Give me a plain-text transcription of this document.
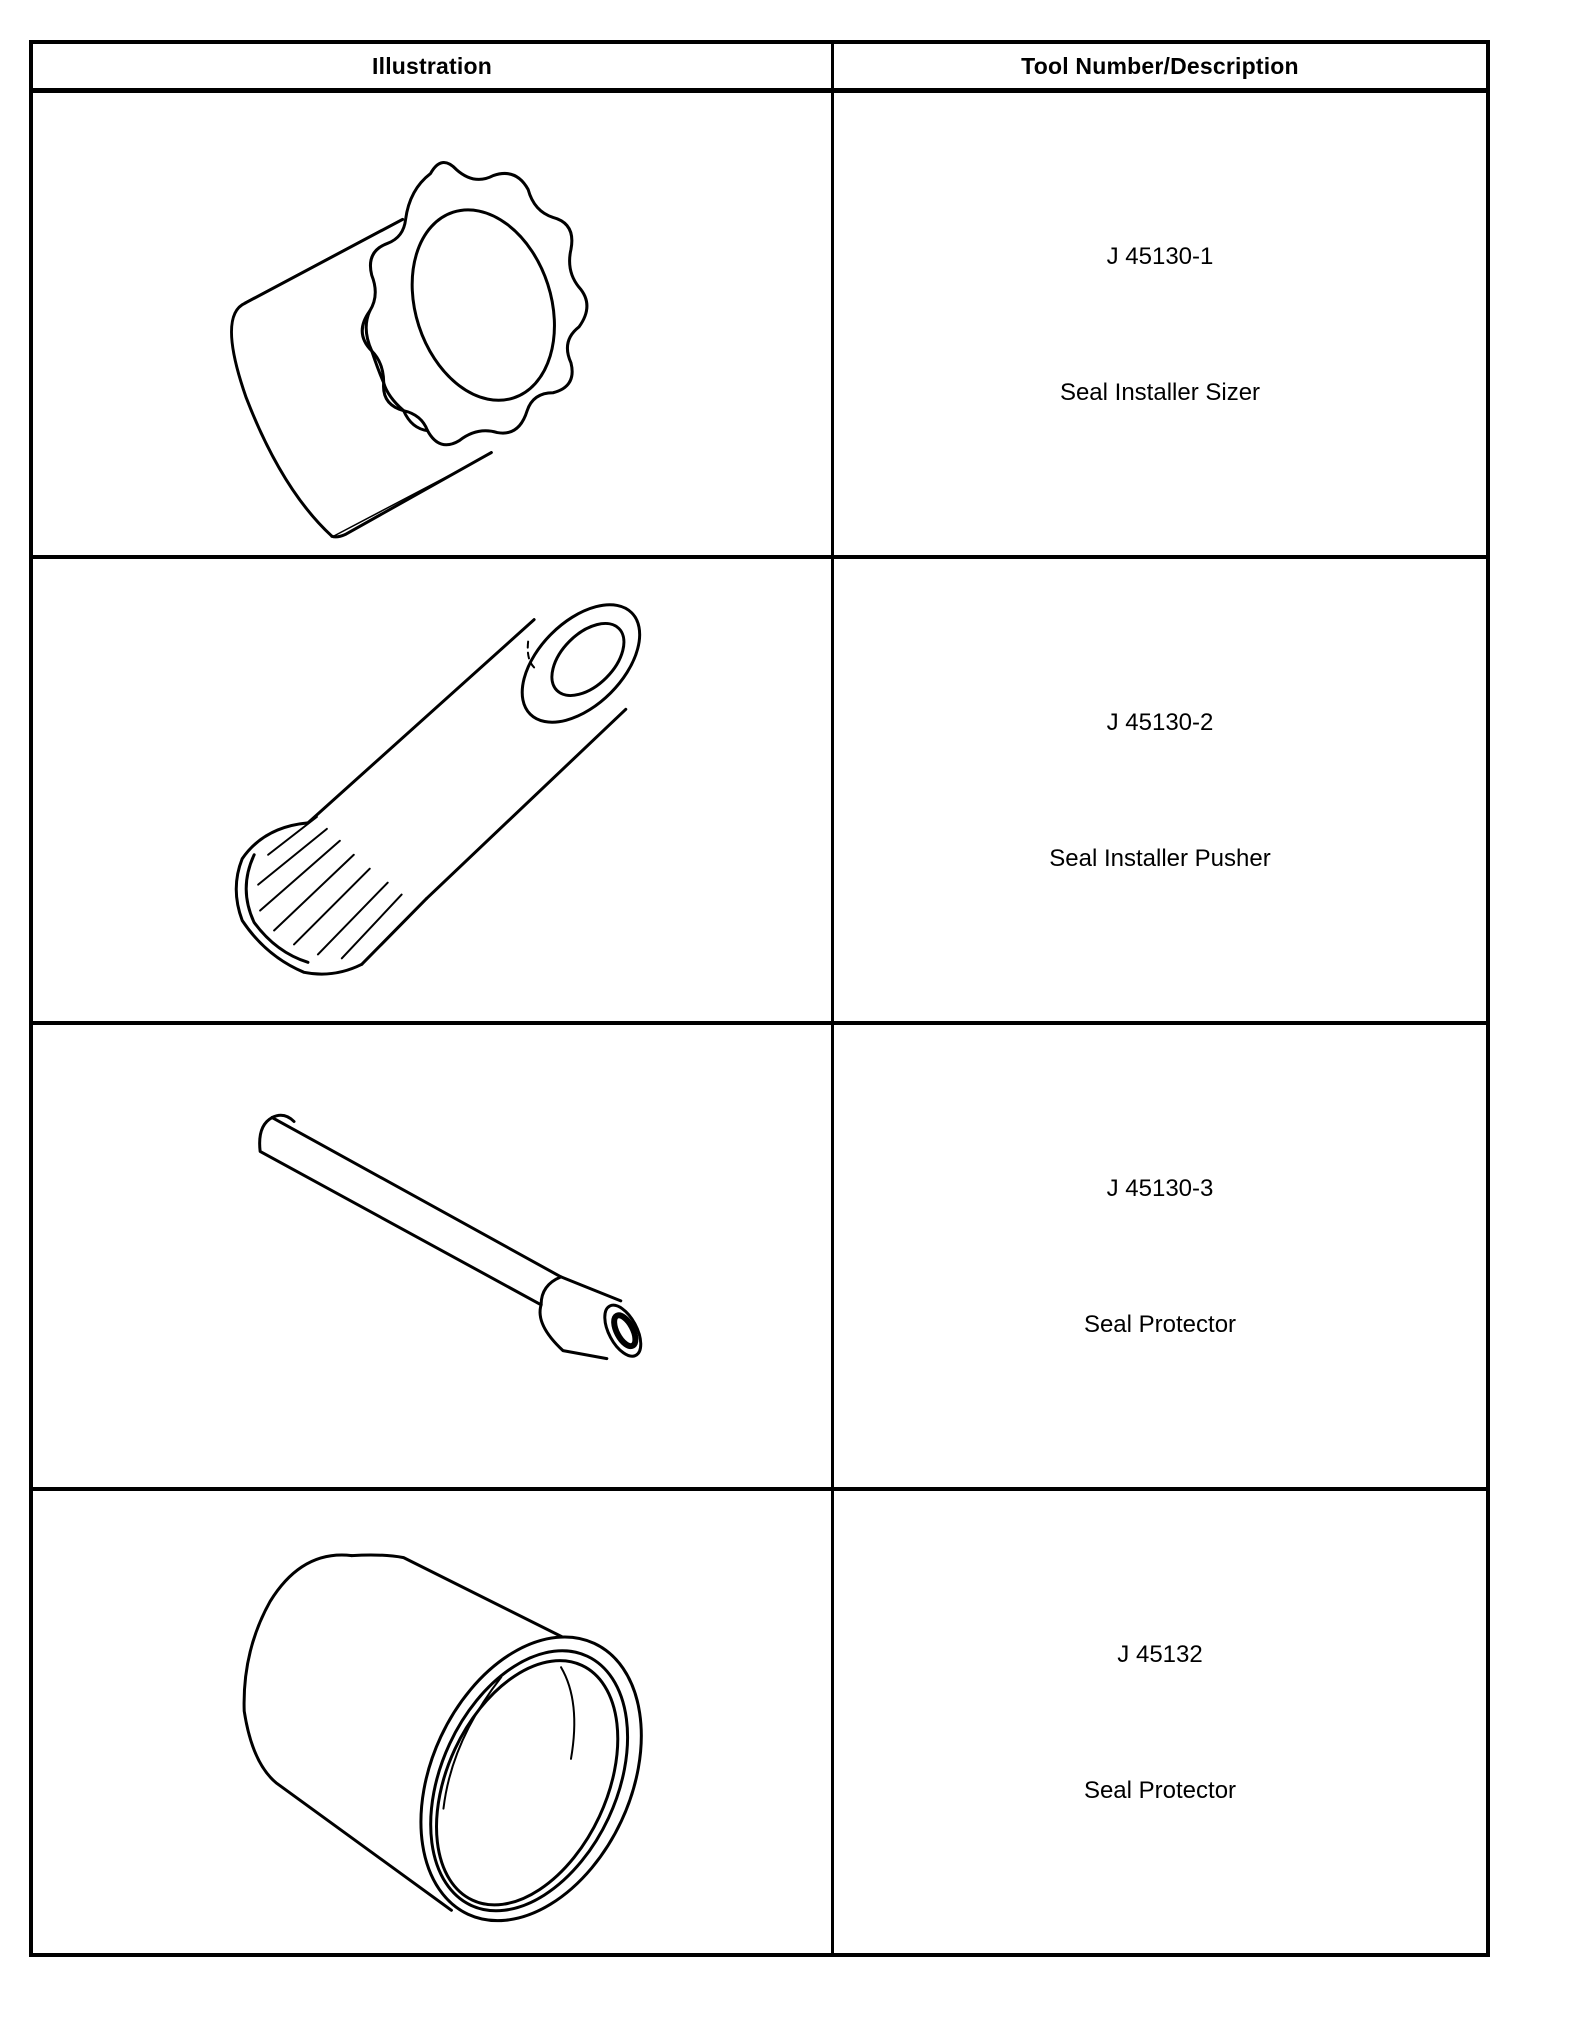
Illustration	Tool Number/Description
J 45130-1
Seal Installer Sizer
J 45130-2
Seal Installer Pusher
J 45130-3
Seal Protector
J 45132
Seal Protector
